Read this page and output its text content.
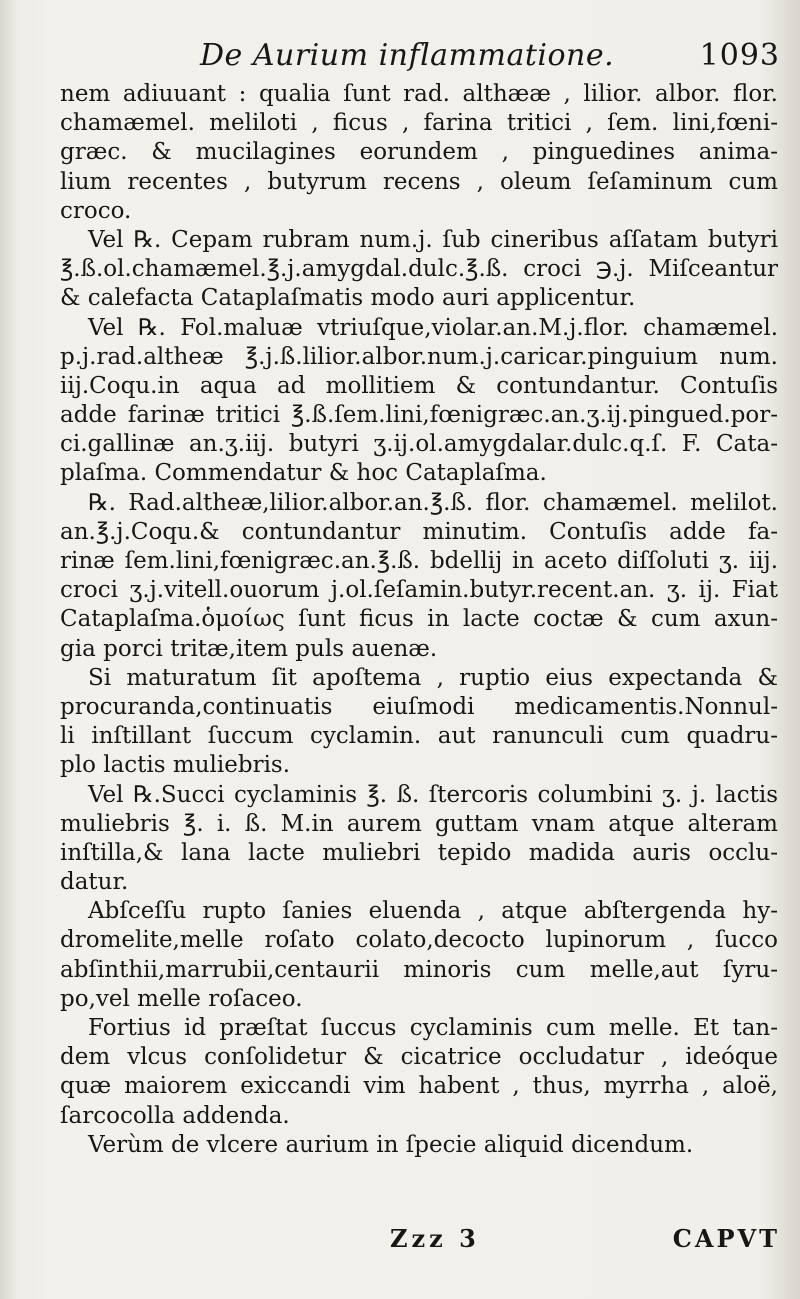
De Aurium inflammatione.	1093
nem adiuuant : qualia ſunt rad. althææ , lilior. albor. flor.
chamæmel. meliloti , ficus , farina tritici , ſem. lini,fœni-
græc. & mucilagines eorundem , pinguedines anima-
lium recentes , butyrum recens , oleum ſeſaminum cum
croco.
Vel ℞. Cepam rubram num.j. ſub cineribus aſſatam butyri
℥.ß.ol.chamæmel.℥.j.amygdal.dulc.℥.ß. croci ℈.j. Miſceantur
& calefacta Cataplaſmatis modo auri applicentur.
Vel ℞. Fol.maluæ vtriuſque,violar.an.M.j.flor. chamæmel.
p.j.rad.altheæ ℥.j.ß.lilior.albor.num.j.caricar.pinguium num.
iij.Coqu.in aqua ad mollitiem & contundantur. Contuſis
adde farinæ tritici ℥.ß.ſem.lini,fœnigræc.an.ʒ.ij.pingued.por-
ci.gallinæ an.ʒ.iij. butyri ʒ.ij.ol.amygdalar.dulc.q.ſ. F. Cata-
plaſma. Commendatur & hoc Cataplaſma.
℞. Rad.altheæ,lilior.albor.an.℥.ß. flor. chamæmel. melilot.
an.℥.j.Coqu.& contundantur minutim. Contuſis adde fa-
rinæ ſem.lini,fœnigræc.an.℥.ß. bdellij in aceto diſſoluti ʒ. iij.
croci ʒ.j.vitell.ouorum j.ol.ſeſamin.butyr.recent.an. ʒ. ij. Fiat
Cataplaſma.ὁμοίως ſunt ficus in lacte coctæ & cum axun-
gia porci tritæ,item puls auenæ.
Si maturatum ſit apoſtema , ruptio eius expectanda &
procuranda,continuatis eiuſmodi medicamentis.Nonnul-
li inſtillant ſuccum cyclamin. aut ranunculi cum quadru-
plo lactis muliebris.
Vel ℞.Succi cyclaminis ℥. ß. ſtercoris columbini ʒ. j. lactis
muliebris ℥. i. ß. M.in aurem guttam vnam atque alteram
inſtilla,& lana lacte muliebri tepido madida auris occlu-
datur.
Abſceſſu rupto ſanies eluenda , atque abſtergenda hy-
dromelite,melle roſato colato,decocto lupinorum , ſucco
abſinthii,marrubii,centaurii minoris cum melle,aut ſyru-
po,vel melle roſaceo.
Fortius id præſtat ſuccus cyclaminis cum melle. Et tan-
dem vlcus conſolidetur & cicatrice occludatur , ideóque
quæ maiorem exiccandi vim habent , thus, myrrha , aloë,
ſarcocolla addenda.
Verùm de vlcere aurium in ſpecie aliquid dicendum.
Zzz 3	CAPVT
